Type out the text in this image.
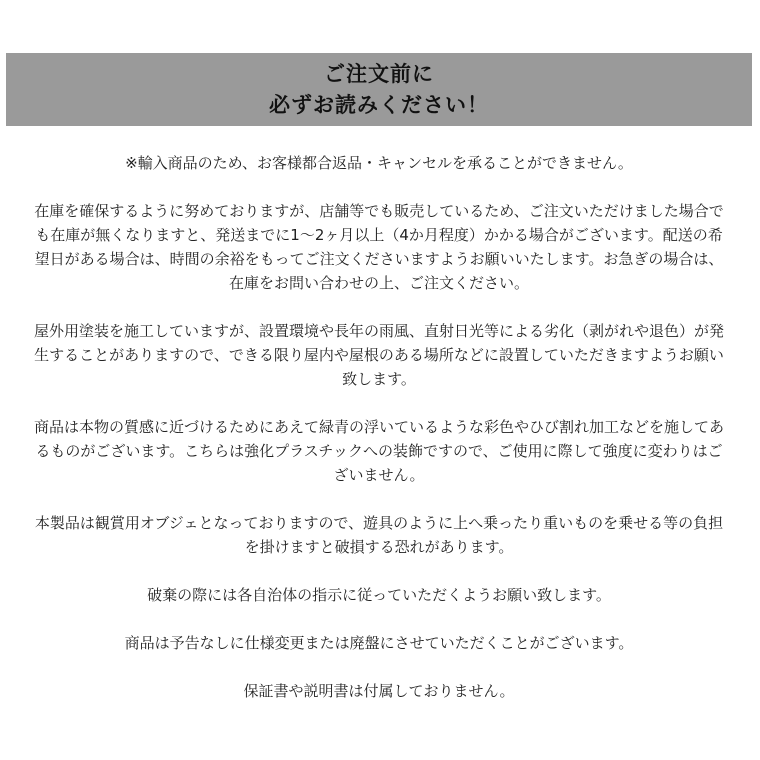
ご注文前に
必ずお読みください！

※輸入商品のため、お客様都合返品・キャンセルを承ることができません。

在庫を確保するように努めておりますが、店舗等でも販売しているため、ご注文いただけました場合で
も在庫が無くなりますと、発送までに1～2ヶ月以上（4か月程度）かかる場合がございます。配送の希
望日がある場合は、時間の余裕をもってご注文くださいますようお願いいたします。お急ぎの場合は、
在庫をお問い合わせの上、ご注文ください。

屋外用塗装を施工していますが、設置環境や長年の雨風、直射日光等による劣化（剥がれや退色）が発
生することがありますので、できる限り屋内や屋根のある場所などに設置していただきますようお願い
致します。

商品は本物の質感に近づけるためにあえて緑青の浮いているような彩色やひび割れ加工などを施してあ
るものがございます。こちらは強化プラスチックへの装飾ですので、ご使用に際して強度に変わりはご
ざいません。

本製品は観賞用オブジェとなっておりますので、遊具のように上へ乗ったり重いものを乗せる等の負担
を掛けますと破損する恐れがあります。

破棄の際には各自治体の指示に従っていただくようお願い致します。

商品は予告なしに仕様変更または廃盤にさせていただくことがございます。

保証書や説明書は付属しておりません。
